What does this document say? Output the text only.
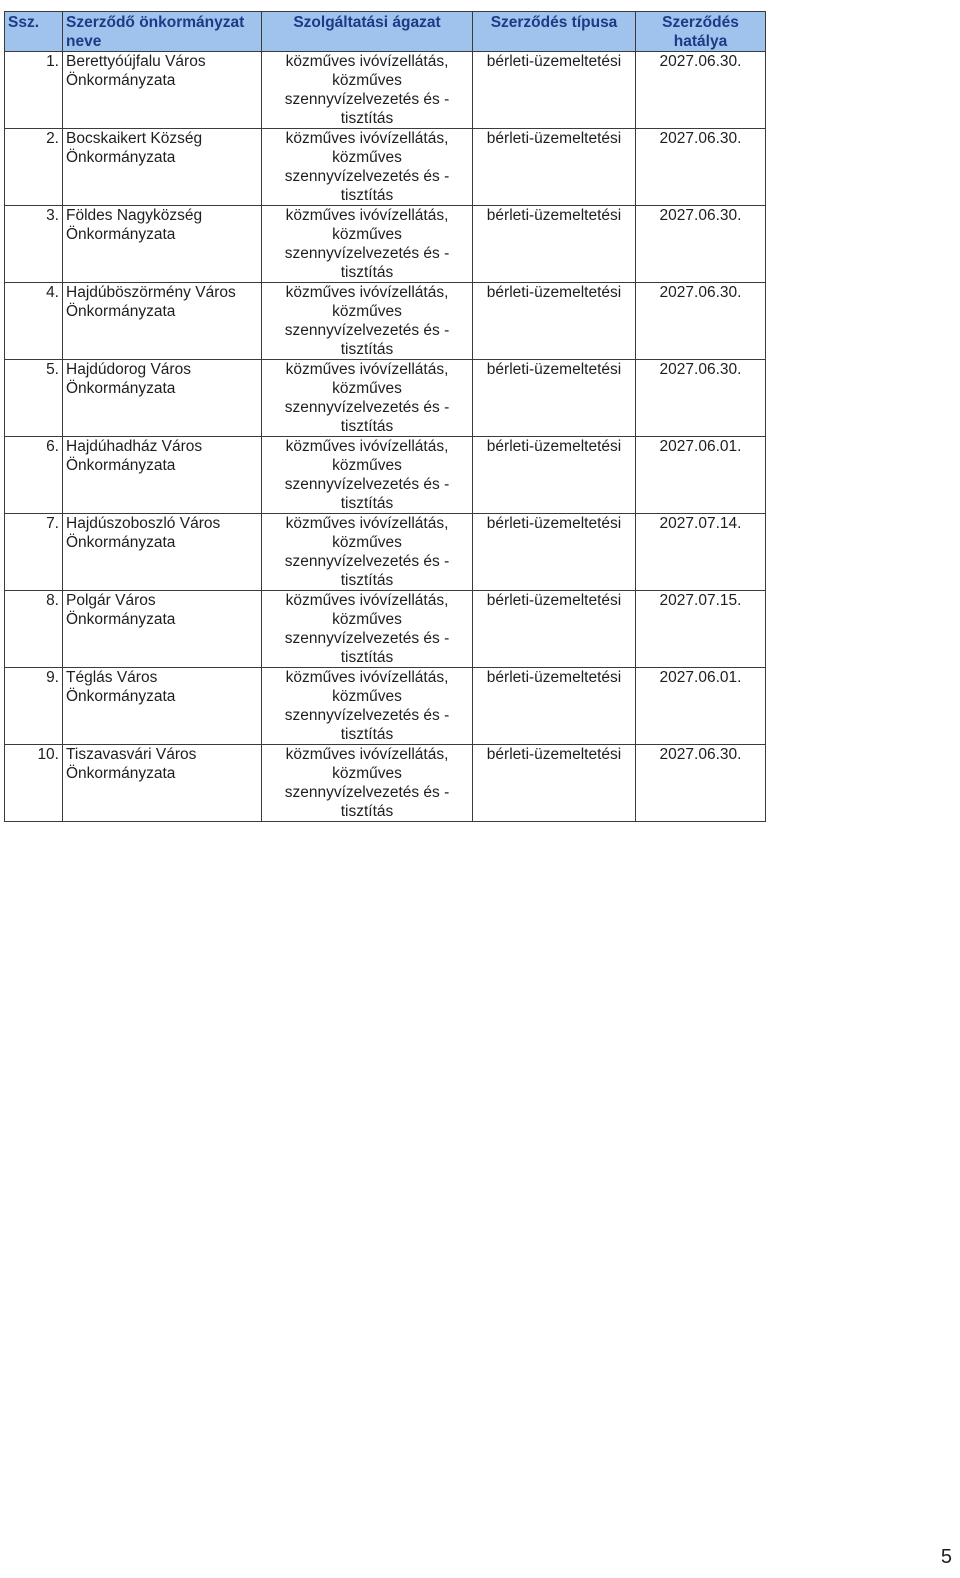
Ssz.	Szerződő önkormányzat neve	Szolgáltatási ágazat	Szerződés típusa	Szerződés hatálya
1.	Berettyóújfalu Város
Önkormányzata	közműves ivóvízellátás,
közműves
szennyvízelvezetés és -
tisztítás	bérleti-üzemeltetési	2027.06.30.
2.	Bocskaikert Község
Önkormányzata	közműves ivóvízellátás,
közműves
szennyvízelvezetés és -
tisztítás	bérleti-üzemeltetési	2027.06.30.
3.	Földes Nagyközség
Önkormányzata	közműves ivóvízellátás,
közműves
szennyvízelvezetés és -
tisztítás	bérleti-üzemeltetési	2027.06.30.
4.	Hajdúböszörmény Város
Önkormányzata	közműves ivóvízellátás,
közműves
szennyvízelvezetés és -
tisztítás	bérleti-üzemeltetési	2027.06.30.
5.	Hajdúdorog Város
Önkormányzata	közműves ivóvízellátás,
közműves
szennyvízelvezetés és -
tisztítás	bérleti-üzemeltetési	2027.06.30.
6.	Hajdúhadház Város
Önkormányzata	közműves ivóvízellátás,
közműves
szennyvízelvezetés és -
tisztítás	bérleti-üzemeltetési	2027.06.01.
7.	Hajdúszoboszló Város
Önkormányzata	közműves ivóvízellátás,
közműves
szennyvízelvezetés és -
tisztítás	bérleti-üzemeltetési	2027.07.14.
8.	Polgár Város
Önkormányzata	közműves ivóvízellátás,
közműves
szennyvízelvezetés és -
tisztítás	bérleti-üzemeltetési	2027.07.15.
9.	Téglás Város
Önkormányzata	közműves ivóvízellátás,
közműves
szennyvízelvezetés és -
tisztítás	bérleti-üzemeltetési	2027.06.01.
10.	Tiszavasvári Város
Önkormányzata	közműves ivóvízellátás,
közműves
szennyvízelvezetés és -
tisztítás	bérleti-üzemeltetési	2027.06.30.
5
